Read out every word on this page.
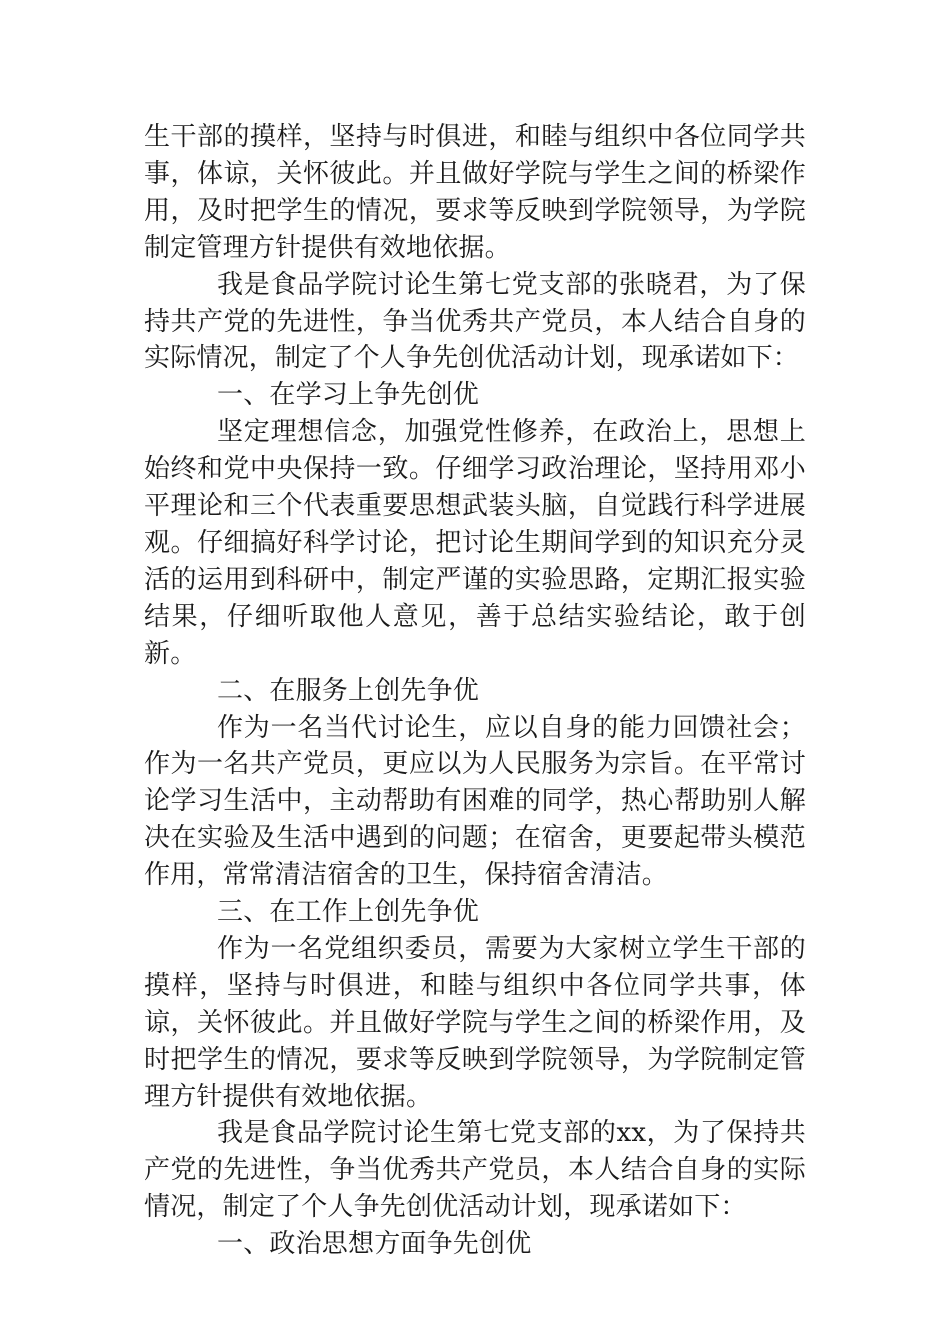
生干部的摸样，坚持与时俱进，和睦与组织中各位同学共事，体谅，关怀彼此。并且做好学院与学生之间的桥梁作用，及时把学生的情况，要求等反映到学院领导，为学院制定管理方针提供有效地依据。

我是食品学院讨论生第七党支部的张晓君，为了保持共产党的先进性，争当优秀共产党员，本人结合自身的实际情况，制定了个人争先创优活动计划，现承诺如下：

一、在学习上争先创优

坚定理想信念，加强党性修养，在政治上，思想上始终和党中央保持一致。仔细学习政治理论，坚持用邓小平理论和三个代表重要思想武装头脑，自觉践行科学进展观。仔细搞好科学讨论，把讨论生期间学到的知识充分灵活的运用到科研中，制定严谨的实验思路，定期汇报实验结果，仔细听取他人意见，善于总结实验结论，敢于创新。

二、在服务上创先争优

作为一名当代讨论生，应以自身的能力回馈社会；作为一名共产党员，更应以为人民服务为宗旨。在平常讨论学习生活中，主动帮助有困难的同学，热心帮助别人解决在实验及生活中遇到的问题；在宿舍，更要起带头模范作用，常常清洁宿舍的卫生，保持宿舍清洁。

三、在工作上创先争优

作为一名党组织委员，需要为大家树立学生干部的摸样，坚持与时俱进，和睦与组织中各位同学共事，体谅，关怀彼此。并且做好学院与学生之间的桥梁作用，及时把学生的情况，要求等反映到学院领导，为学院制定管理方针提供有效地依据。

我是食品学院讨论生第七党支部的xx，为了保持共产党的先进性，争当优秀共产党员，本人结合自身的实际情况，制定了个人争先创优活动计划，现承诺如下：

一、政治思想方面争先创优
